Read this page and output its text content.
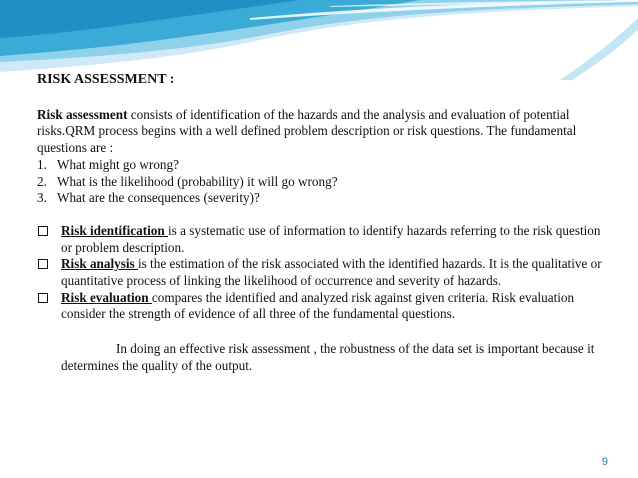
RISK ASSESSMENT :

Risk assessment consists of identification of the hazards and the analysis and evaluation of potential risks.QRM process begins with a well defined problem description or risk questions. The fundamental questions are :

1. What might go wrong?
2. What is the likelihood (probability) it will go wrong?
3. What are the consequences (severity)?
Risk identification is a systematic use of information to identify hazards referring to the risk question or problem description.
Risk analysis is the estimation of the risk associated with the identified hazards. It is the qualitative or quantitative process of linking the likelihood of occurrence and severity of hazards.
Risk evaluation compares the identified and analyzed risk against given criteria. Risk evaluation consider the strength of evidence of all three of the fundamental questions.

In doing an effective risk assessment , the robustness of the data set is important because it determines the quality of the output.

9
